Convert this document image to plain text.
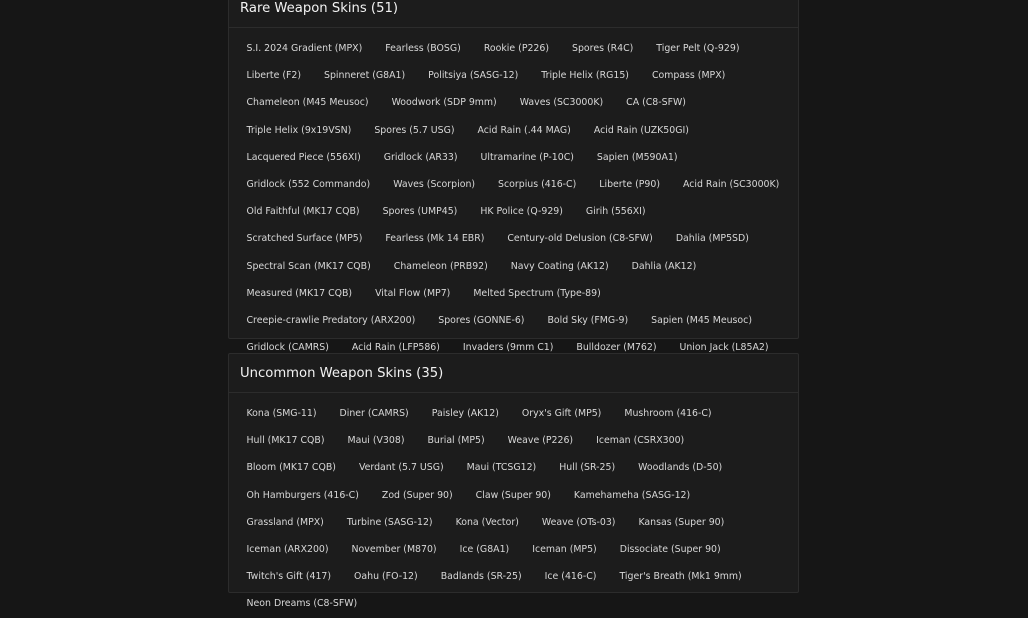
Rare Weapon Skins (51)
S.I. 2024 Gradient (MPX)	Fearless (BOSG)	Rookie (P226)	Spores (R4C)	Tiger Pelt (Q-929)
Liberte (F2)	Spinneret (G8A1)	Politsiya (SASG-12)	Triple Helix (RG15)	Compass (MPX)
Chameleon (M45 Meusoc)	Woodwork (SDP 9mm)	Waves (SC3000K)	CA (C8-SFW)
Triple Helix (9x19VSN)	Spores (5.7 USG)	Acid Rain (.44 MAG)	Acid Rain (UZK50GI)
Lacquered Piece (556XI)	Gridlock (AR33)	Ultramarine (P-10C)	Sapien (M590A1)
Gridlock (552 Commando)	Waves (Scorpion)	Scorpius (416-C)	Liberte (P90)	Acid Rain (SC3000K)
Old Faithful (MK17 CQB)	Spores (UMP45)	HK Police (Q-929)	Girih (556XI)
Scratched Surface (MP5)	Fearless (Mk 14 EBR)	Century-old Delusion (C8-SFW)	Dahlia (MP5SD)
Spectral Scan (MK17 CQB)	Chameleon (PRB92)	Navy Coating (AK12)	Dahlia (AK12)
Measured (MK17 CQB)	Vital Flow (MP7)	Melted Spectrum (Type-89)
Creepie-crawlie Predatory (ARX200)	Spores (GONNE-6)	Bold Sky (FMG-9)	Sapien (M45 Meusoc)
Gridlock (CAMRS)	Acid Rain (LFP586)	Invaders (9mm C1)	Bulldozer (M762)	Union Jack (L85A2)
Uncommon Weapon Skins (35)
Kona (SMG-11)	Diner (CAMRS)	Paisley (AK12)	Oryx's Gift (MP5)	Mushroom (416-C)
Hull (MK17 CQB)	Maui (V308)	Burial (MP5)	Weave (P226)	Iceman (CSRX300)
Bloom (MK17 CQB)	Verdant (5.7 USG)	Maui (TCSG12)	Hull (SR-25)	Woodlands (D-50)
Oh Hamburgers (416-C)	Zod (Super 90)	Claw (Super 90)	Kamehameha (SASG-12)
Grassland (MPX)	Turbine (SASG-12)	Kona (Vector)	Weave (OTs-03)	Kansas (Super 90)
Iceman (ARX200)	November (M870)	Ice (G8A1)	Iceman (MP5)	Dissociate (Super 90)
Twitch's Gift (417)	Oahu (FO-12)	Badlands (SR-25)	Ice (416-C)	Tiger's Breath (Mk1 9mm)
Neon Dreams (C8-SFW)
